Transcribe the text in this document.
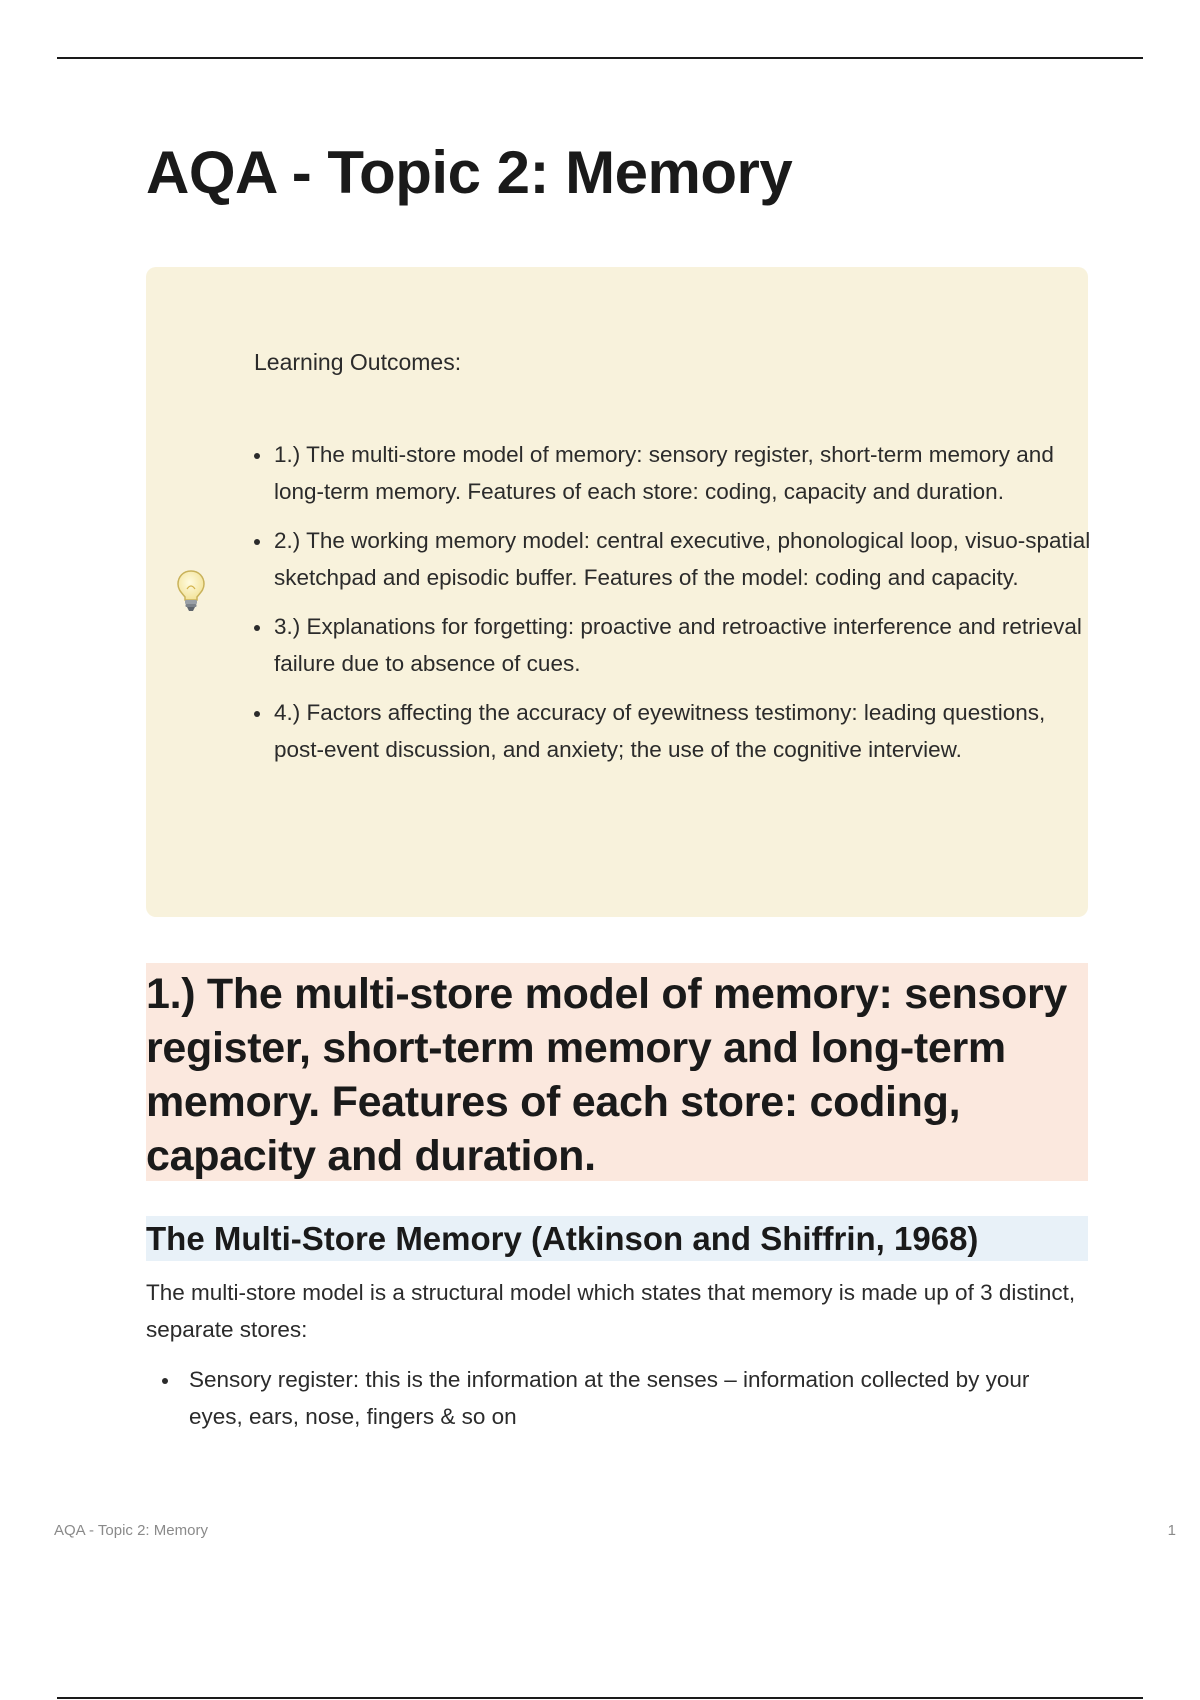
AQA - Topic 2: Memory
Learning Outcomes:
1.) The multi-store model of memory: sensory register, short-term memory and long-term memory. Features of each store: coding, capacity and duration.
2.) The working memory model: central executive, phonological loop, visuo-spatial sketchpad and episodic buffer. Features of the model: coding and capacity.
3.) Explanations for forgetting: proactive and retroactive interference and retrieval failure due to absence of cues.
4.) Factors affecting the accuracy of eyewitness testimony: leading questions, post-event discussion, and anxiety; the use of the cognitive interview.
1.) The multi-store model of memory: sensory register, short-term memory and long-term memory. Features of each store: coding, capacity and duration.
The Multi-Store Memory (Atkinson and Shiffrin, 1968)

The multi-store model is a structural model which states that memory is made up of 3 distinct, separate stores:

Sensory register: this is the information at the senses – information collected by your eyes, ears, nose, fingers & so on
AQA - Topic 2: Memory	1
